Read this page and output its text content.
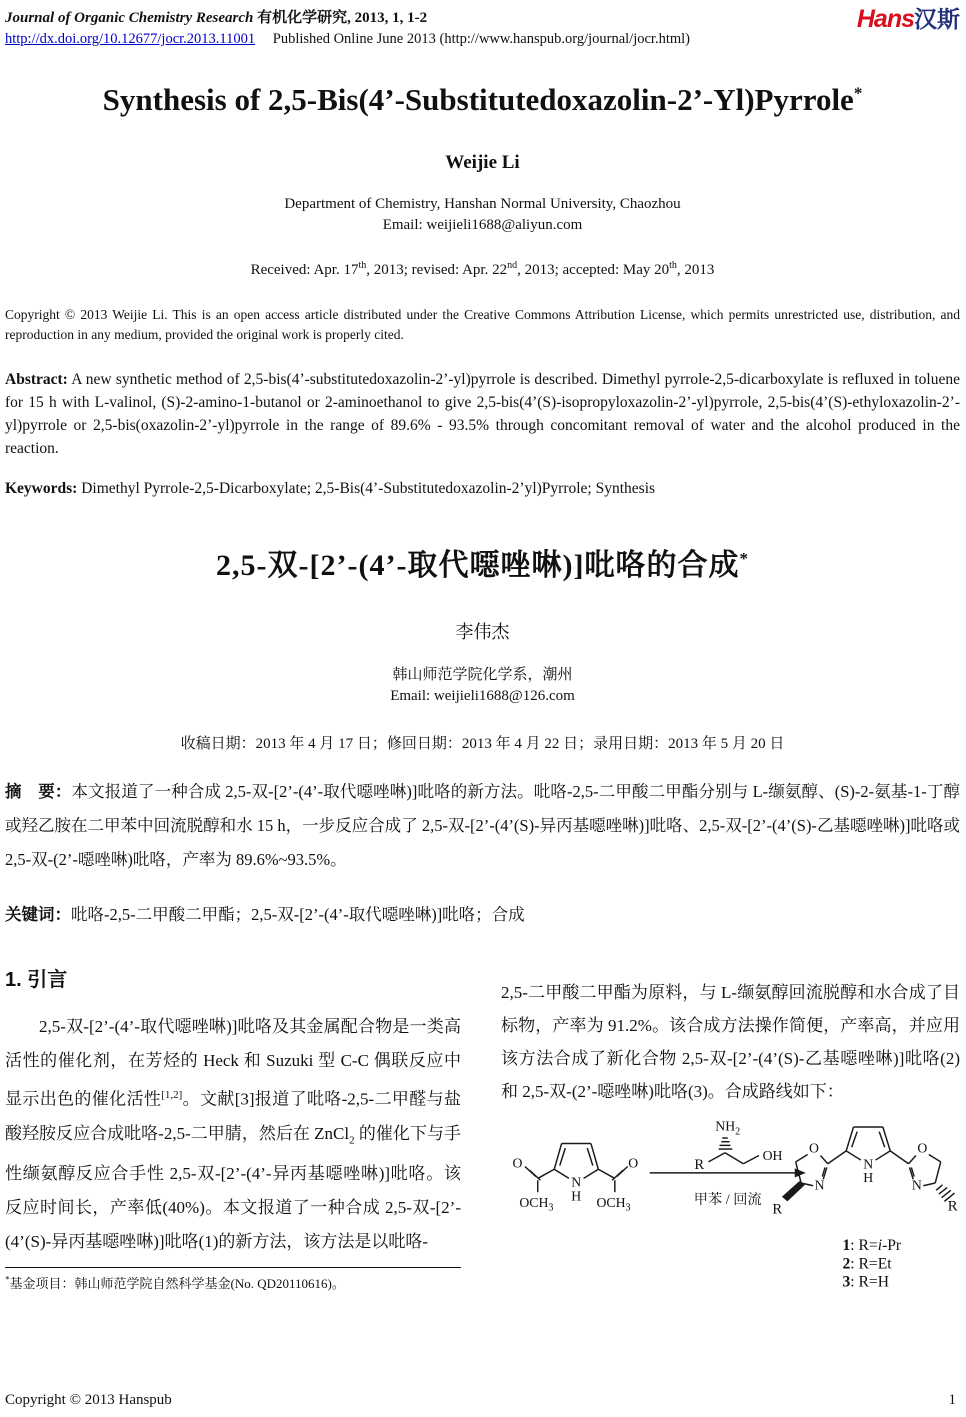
Journal of Organic Chemistry Research 有机化学研究, 2013, 1, 1-2
http://dx.doi.org/10.12677/jocr.2013.11001 Published Online June 2013 (http://www.hanspub.org/journal/jocr.html)
Hans汉斯
Synthesis of 2,5-Bis(4’-Substitutedoxazolin-2’-Yl)Pyrrole*
Weijie Li
Department of Chemistry, Hanshan Normal University, Chaozhou
Email: weijieli1688@aliyun.com
Received: Apr. 17th, 2013; revised: Apr. 22nd, 2013; accepted: May 20th, 2013

Copyright © 2013 Weijie Li. This is an open access article distributed under the Creative Commons Attribution License, which permits unrestricted use, distribution, and reproduction in any medium, provided the original work is properly cited.

Abstract: A new synthetic method of 2,5-bis(4’-substitutedoxazolin-2’-yl)pyrrole is described. Dimethyl pyrrole-2,5-dicarboxylate is refluxed in toluene for 15 h with L-valinol, (S)-2-amino-1-butanol or 2-aminoethanol to give 2,5-bis(4’(S)-isopropyloxazolin-2’-yl)pyrrole, 2,5-bis(4’(S)-ethyloxazolin-2’-yl)pyrrole or 2,5-bis(oxazolin-2’-yl)pyrrole in the range of 89.6% - 93.5% through concomitant removal of water and the alcohol produced in the reaction.

Keywords: Dimethyl Pyrrole-2,5-Dicarboxylate; 2,5-Bis(4’-Substitutedoxazolin-2’yl)Pyrrole; Synthesis

2,5-双-[2’-(4’-取代噁唑啉)]吡咯的合成*
李伟杰
韩山师范学院化学系，潮州
Email: weijieli1688@126.com
收稿日期：2013 年 4 月 17 日；修回日期：2013 年 4 月 22 日；录用日期：2013 年 5 月 20 日

摘　要：本文报道了一种合成 2,5-双-[2’-(4’-取代噁唑啉)]吡咯的新方法。吡咯-2,5-二甲酸二甲酯分别与 L-缬氨醇、(S)-2-氨基-1-丁醇或羟乙胺在二甲苯中回流脱醇和水 15 h，一步反应合成了 2,5-双-[2’-(4’(S)-异丙基噁唑啉)]吡咯、2,5-双-[2’-(4’(S)-乙基噁唑啉)]吡咯或 2,5-双-(2’-噁唑啉)吡咯，产率为 89.6%~93.5%。

关键词：吡咯-2,5-二甲酸二甲酯；2,5-双-[2’-(4’-取代噁唑啉)]吡咯；合成

1. 引言

2,5-双-[2’-(4’-取代噁唑啉)]吡咯及其金属配合物是一类高活性的催化剂，在芳烃的 Heck 和 Suzuki 型 C-C 偶联反应中显示出色的催化活性[1,2]。文献[3]报道了吡咯-2,5-二甲醛与盐酸羟胺反应合成吡咯-2,5-二甲腈，然后在 ZnCl$_2$ 的催化下与手性缬氨醇反应合手性 2,5-双-[2’-(4’-异丙基噁唑啉)]吡咯。该反应时间长，产率低(40%)。本文报道了一种合成 2,5-双-[2’-(4’(S)-异丙基噁唑啉)]吡咯(1)的新方法，该方法是以吡咯-

*基金项目：韩山师范学院自然科学基金(No. QD20110616)。

2,5-二甲酸二甲酯为原料，与 L-缬氨醇回流脱醇和水合成了目标物，产率为 91.2%。该合成方法操作简便，产率高，并应用该方法合成了新化合物 2,5-双-[2’-(4’(S)-乙基噁唑啉)]吡咯(2)和 2,5-双-(2’-噁唑啉)吡咯(3)。合成路线如下：

O	O
$OCH_3$	$OCH_3$
N
H
$NH_2$
R
OH
甲苯 / 回流
N
H
O	O
N	N
R	R
1: R=i-Pr
2: R=Et
3: R=H
Copyright © 2013 Hanspub	1
